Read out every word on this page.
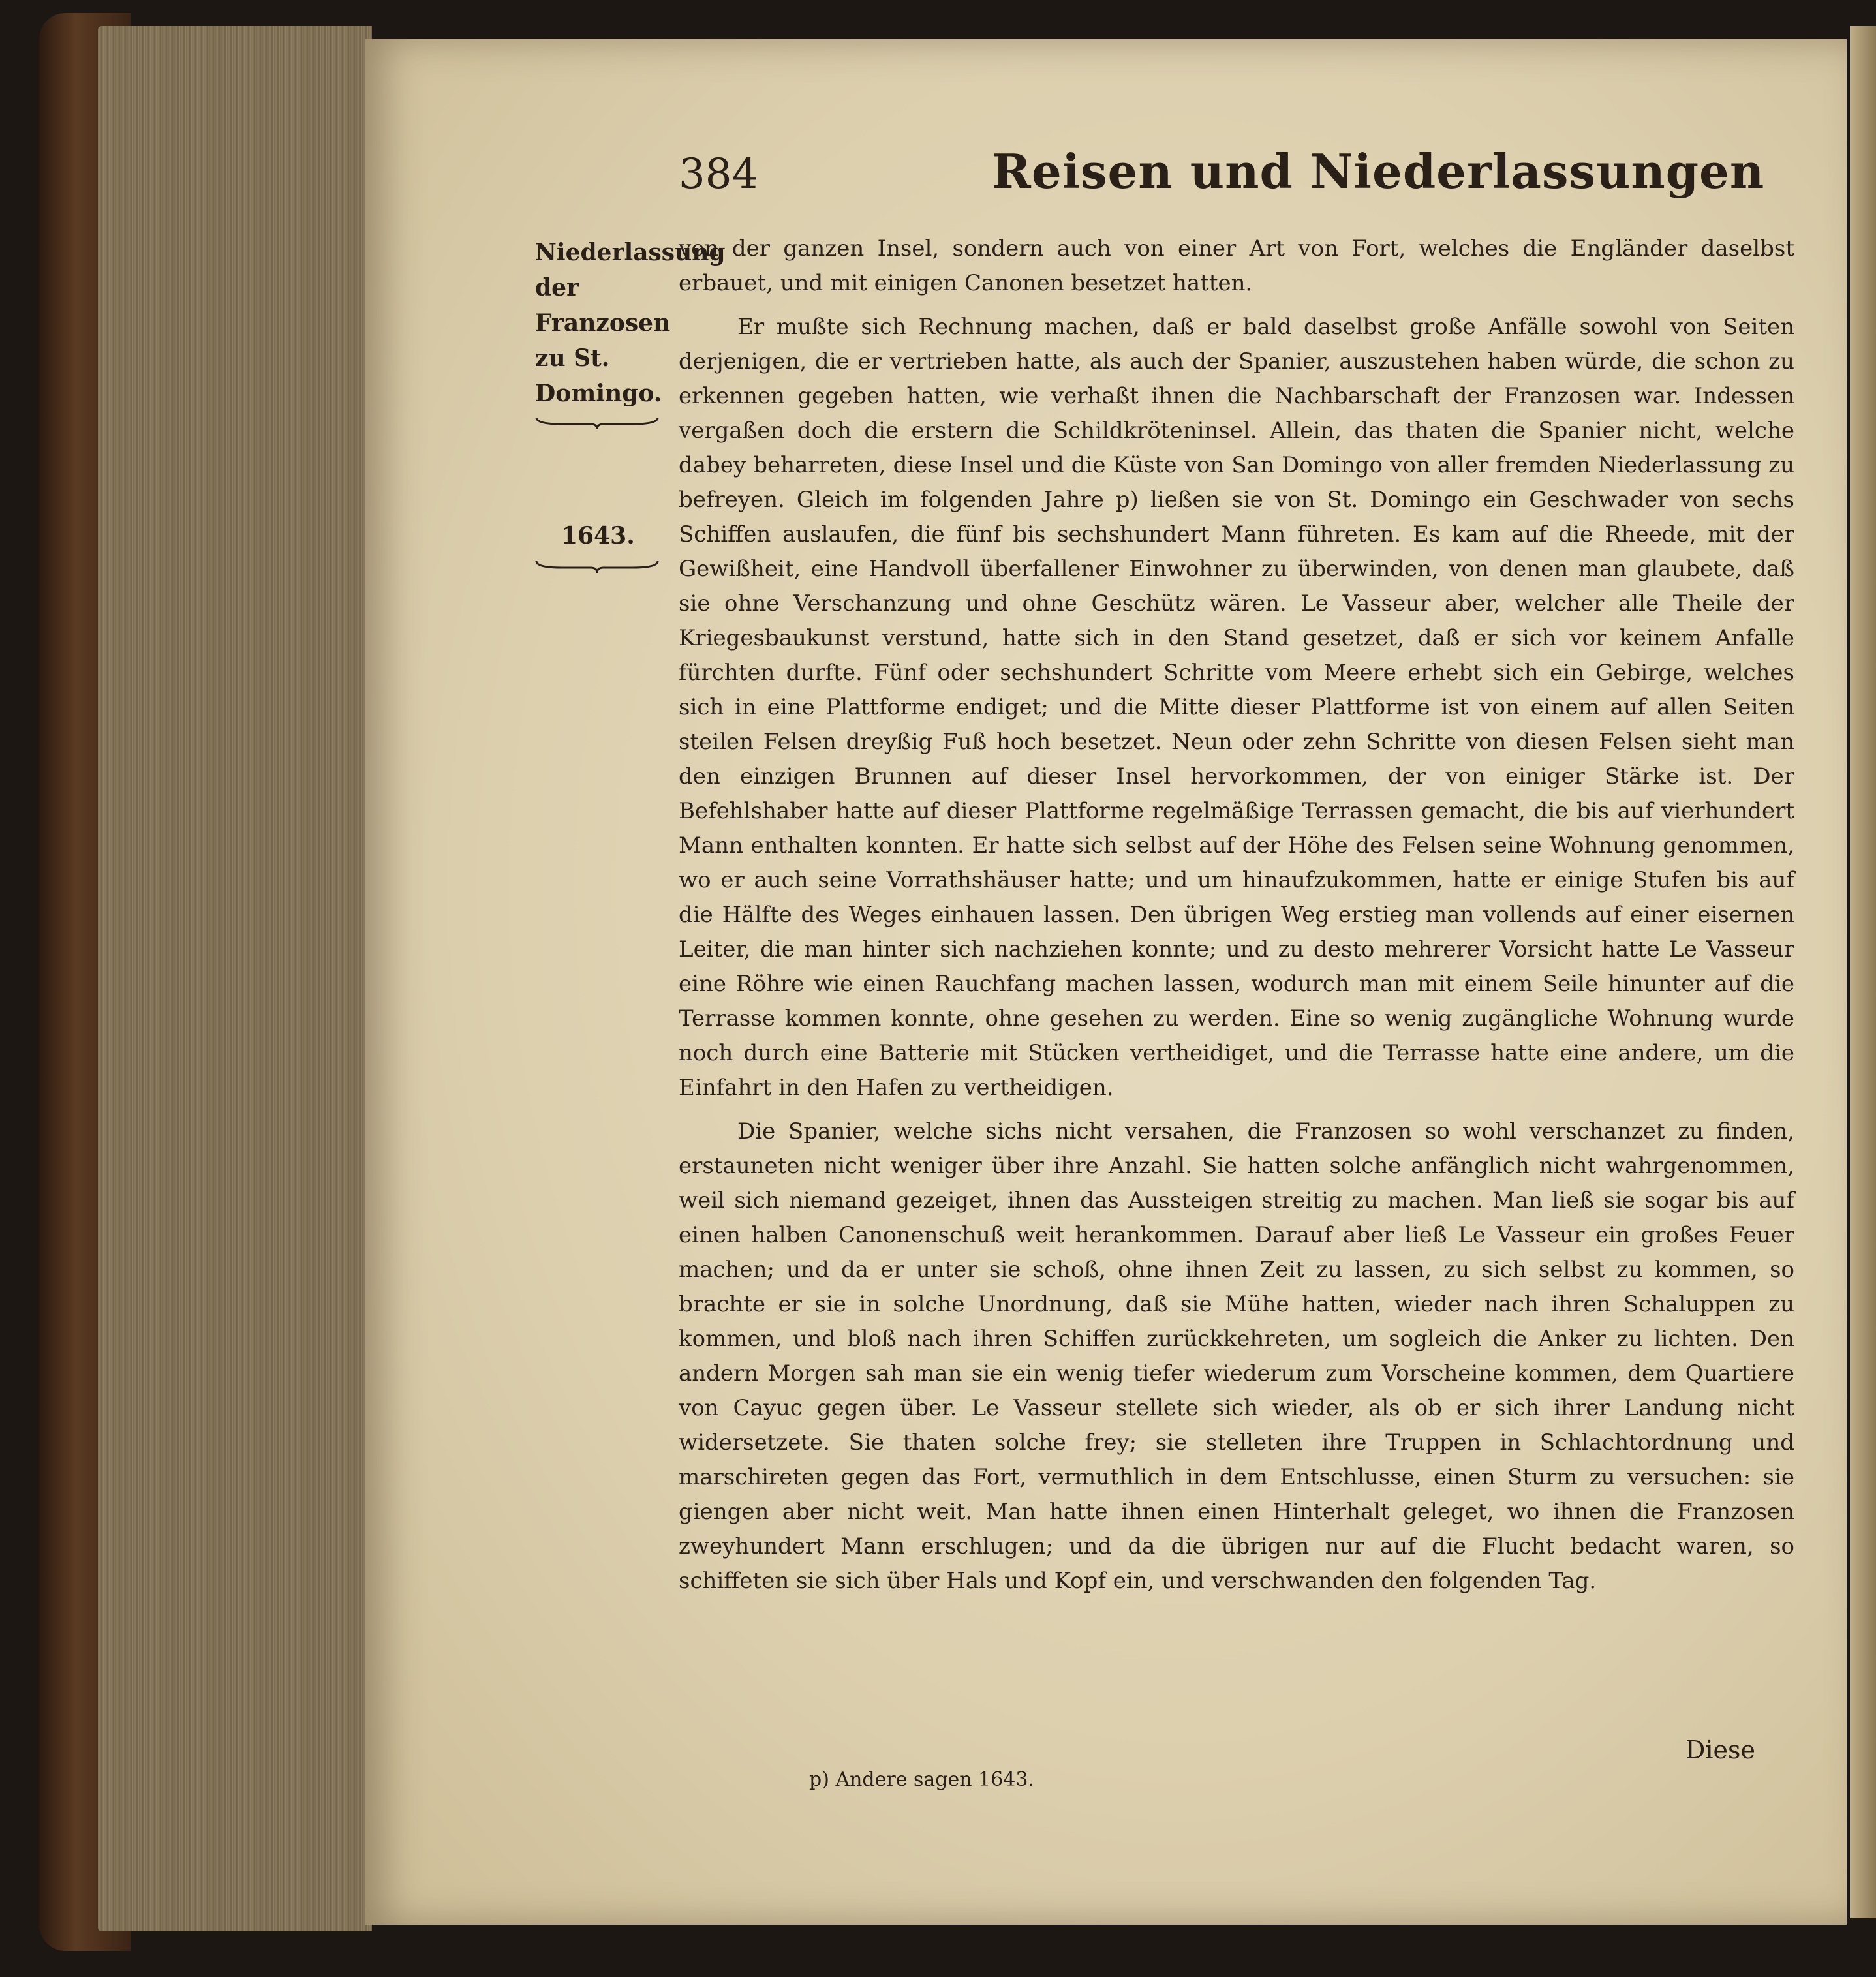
384	Reisen und Niederlassungen
Niederlassung der Franzosen zu St. Domingo.
1643.

von der ganzen Insel, sondern auch von einer Art von Fort, welches die Engländer daselbst erbauet, und mit einigen Canonen besetzet hatten.

Er mußte sich Rechnung machen, daß er bald daselbst große Anfälle sowohl von Seiten derjenigen, die er vertrieben hatte, als auch der Spanier, auszustehen haben würde, die schon zu erkennen gegeben hatten, wie verhaßt ihnen die Nachbarschaft der Franzosen war. Indessen vergaßen doch die erstern die Schildkröteninsel. Allein, das thaten die Spanier nicht, welche dabey beharreten, diese Insel und die Küste von San Domingo von aller fremden Niederlassung zu befreyen. Gleich im folgenden Jahre p) ließen sie von St. Domingo ein Geschwader von sechs Schiffen auslaufen, die fünf bis sechshundert Mann führeten. Es kam auf die Rheede, mit der Gewißheit, eine Handvoll überfallener Einwohner zu überwinden, von denen man glaubete, daß sie ohne Verschanzung und ohne Geschütz wären. Le Vasseur aber, welcher alle Theile der Kriegesbaukunst verstund, hatte sich in den Stand gesetzet, daß er sich vor keinem Anfalle fürchten durfte. Fünf oder sechshundert Schritte vom Meere erhebt sich ein Gebirge, welches sich in eine Plattforme endiget; und die Mitte dieser Plattforme ist von einem auf allen Seiten steilen Felsen dreyßig Fuß hoch besetzet. Neun oder zehn Schritte von diesen Felsen sieht man den einzigen Brunnen auf dieser Insel hervorkommen, der von einiger Stärke ist. Der Befehlshaber hatte auf dieser Plattforme regelmäßige Terrassen gemacht, die bis auf vierhundert Mann enthalten konnten. Er hatte sich selbst auf der Höhe des Felsen seine Wohnung genommen, wo er auch seine Vorrathshäuser hatte; und um hinaufzukommen, hatte er einige Stufen bis auf die Hälfte des Weges einhauen lassen. Den übrigen Weg erstieg man vollends auf einer eisernen Leiter, die man hinter sich nachziehen konnte; und zu desto mehrerer Vorsicht hatte Le Vasseur eine Röhre wie einen Rauchfang machen lassen, wodurch man mit einem Seile hinunter auf die Terrasse kommen konnte, ohne gesehen zu werden. Eine so wenig zugängliche Wohnung wurde noch durch eine Batterie mit Stücken vertheidiget, und die Terrasse hatte eine andere, um die Einfahrt in den Hafen zu vertheidigen.

Die Spanier, welche sichs nicht versahen, die Franzosen so wohl verschanzet zu finden, erstauneten nicht weniger über ihre Anzahl. Sie hatten solche anfänglich nicht wahrgenommen, weil sich niemand gezeiget, ihnen das Aussteigen streitig zu machen. Man ließ sie sogar bis auf einen halben Canonenschuß weit herankommen. Darauf aber ließ Le Vasseur ein großes Feuer machen; und da er unter sie schoß, ohne ihnen Zeit zu lassen, zu sich selbst zu kommen, so brachte er sie in solche Unordnung, daß sie Mühe hatten, wieder nach ihren Schaluppen zu kommen, und bloß nach ihren Schiffen zurückkehreten, um sogleich die Anker zu lichten. Den andern Morgen sah man sie ein wenig tiefer wiederum zum Vorscheine kommen, dem Quartiere von Cayuc gegen über. Le Vasseur stellete sich wieder, als ob er sich ihrer Landung nicht widersetzete. Sie thaten solche frey; sie stelleten ihre Truppen in Schlachtordnung und marschireten gegen das Fort, vermuthlich in dem Entschlusse, einen Sturm zu versuchen: sie giengen aber nicht weit. Man hatte ihnen einen Hinterhalt geleget, wo ihnen die Franzosen zweyhundert Mann erschlugen; und da die übrigen nur auf die Flucht bedacht waren, so schiffeten sie sich über Hals und Kopf ein, und verschwanden den folgenden Tag.

Diese
p) Andere sagen 1643.
